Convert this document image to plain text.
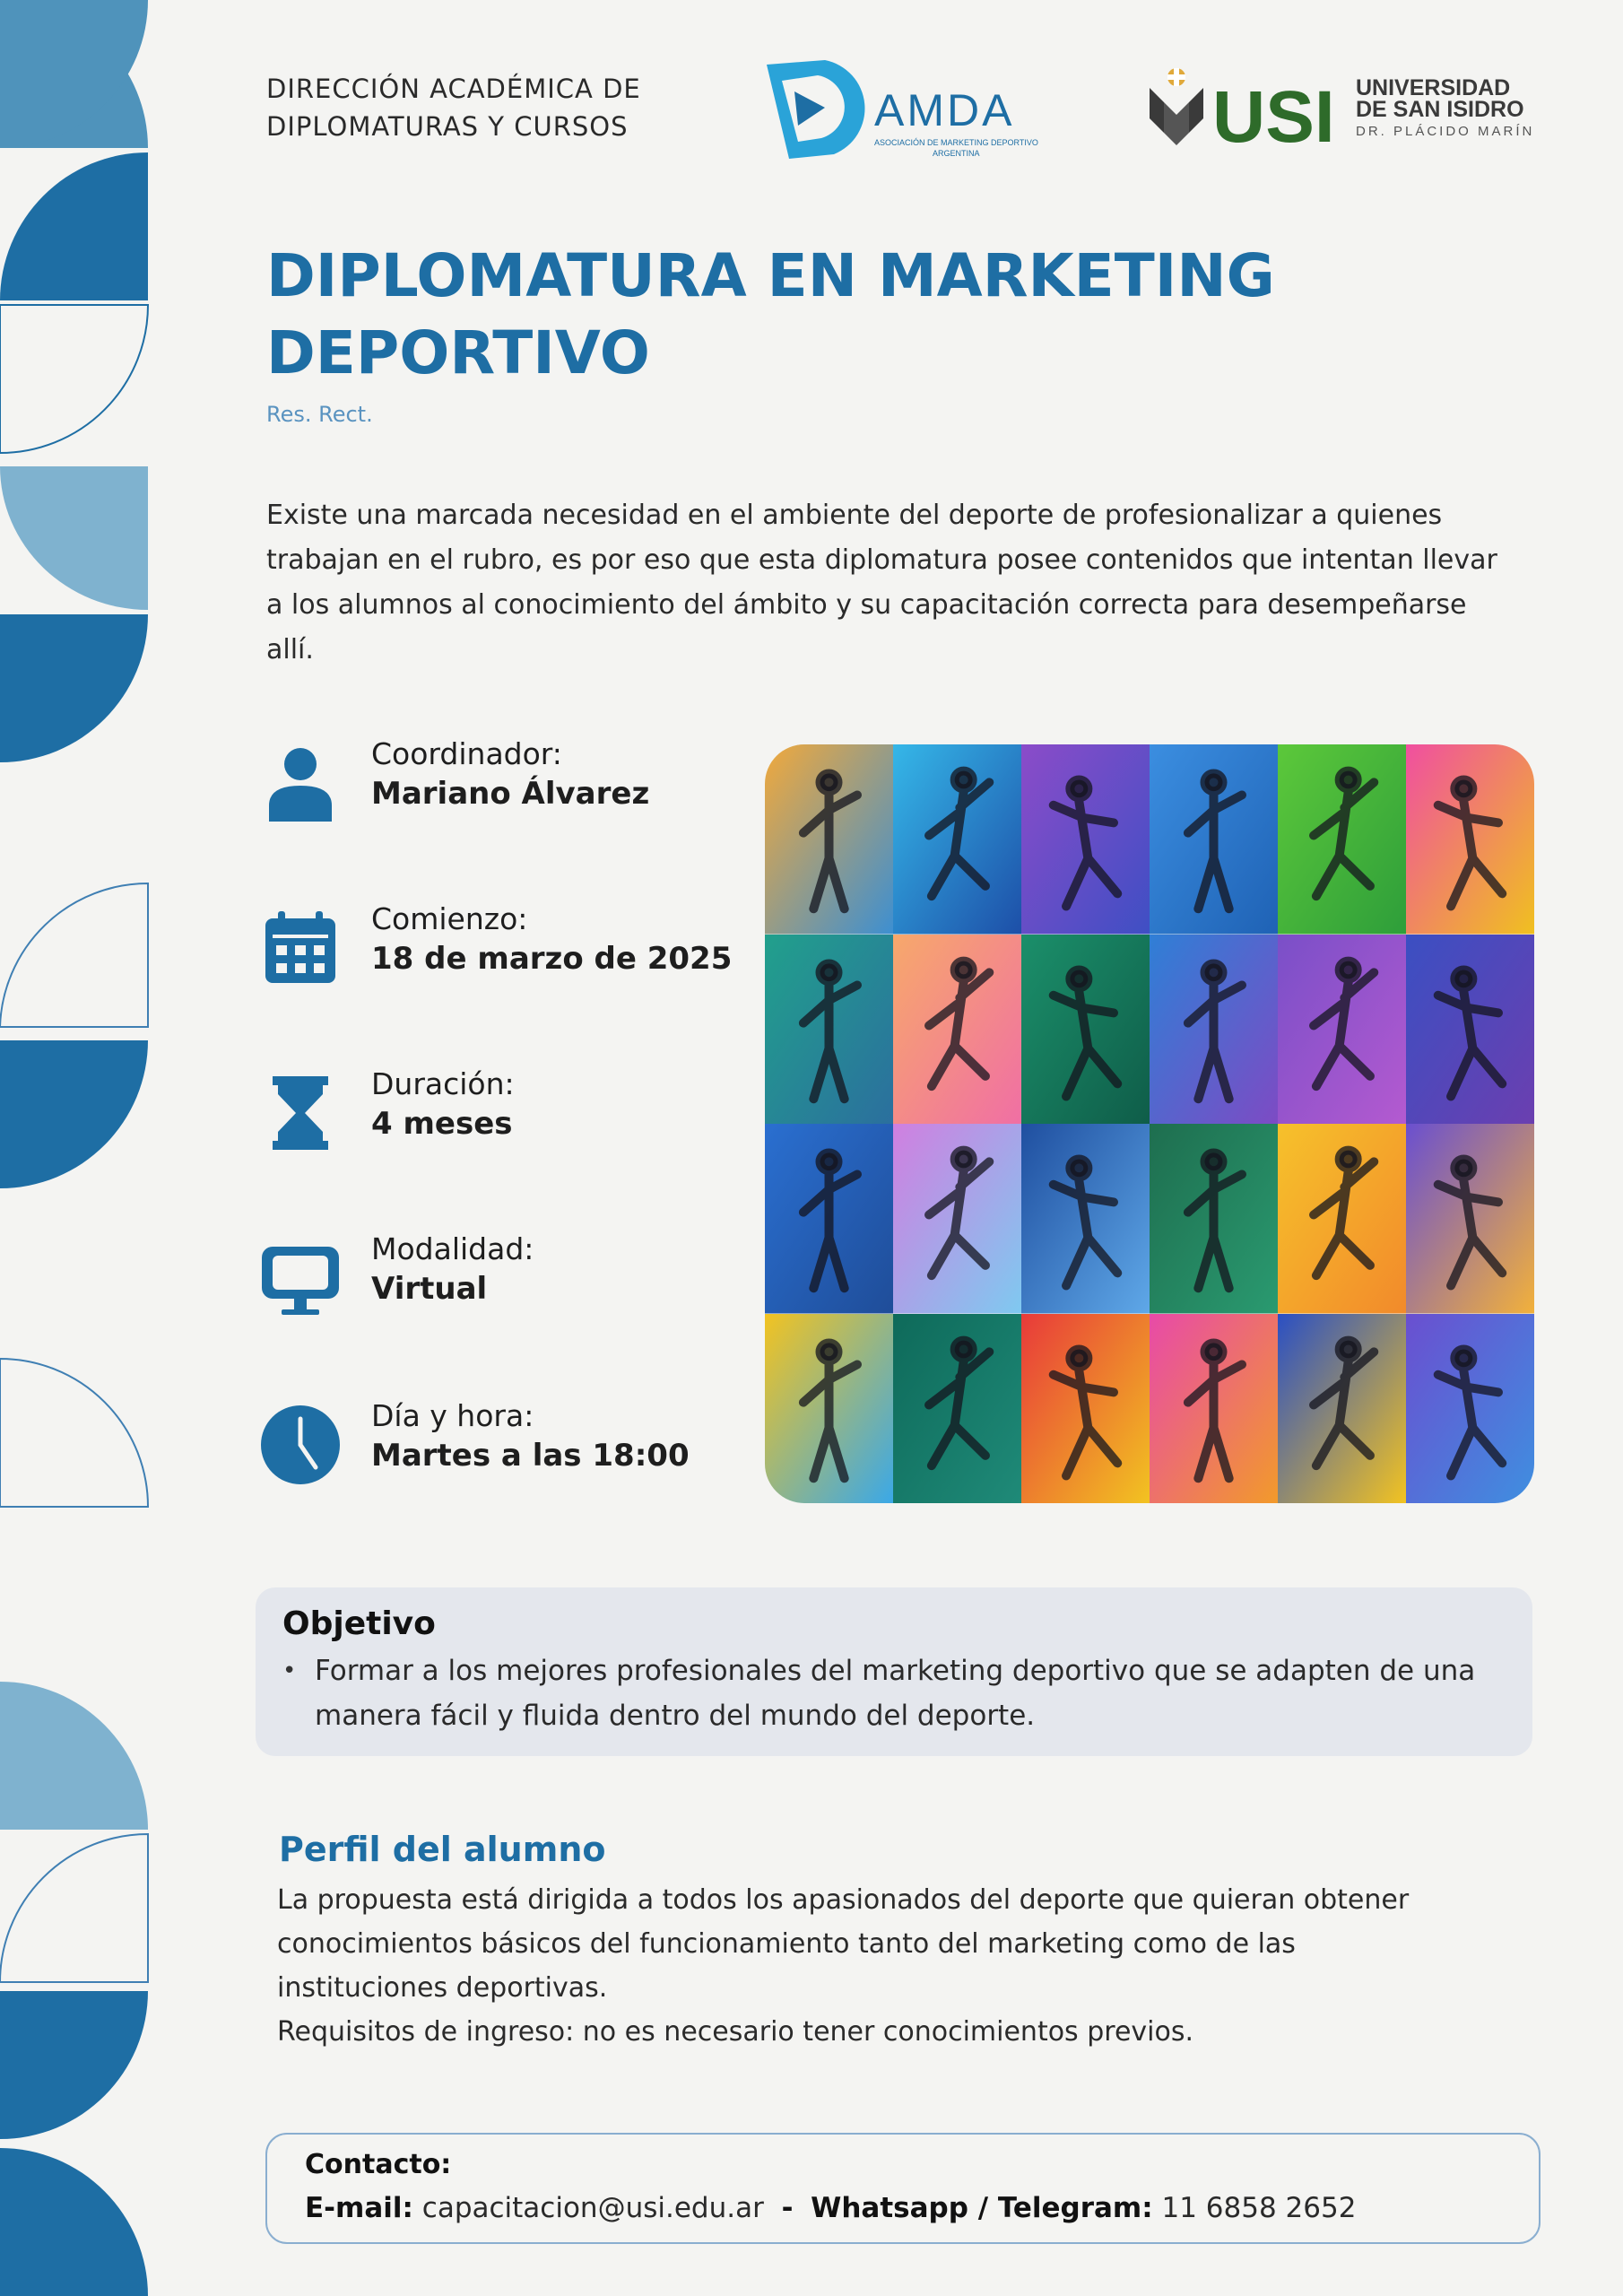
DIRECCIÓN ACADÉMICA DE
DIPLOMATURAS Y CURSOS	AMDA
ASOCIACIÓN DE MARKETING DEPORTIVO
ARGENTINA	USI UNIVERSIDAD
DE SAN ISIDRO
DR. PLÁCIDO MARÍN
DIPLOMATURA EN MARKETING
DEPORTIVO
Res. Rect.
Existe una marcada necesidad en el ambiente del deporte de profesionalizar a quienes trabajan en el rubro, es por eso que esta diplomatura posee contenidos que intentan llevar a los alumnos al conocimiento del ámbito y su capacitación correcta para desempeñarse allí.
Coordinador:
Mariano Álvarez
Comienzo:
18 de marzo de 2025
Duración:
4 meses
Modalidad:
Virtual
Día y hora:
Martes a las 18:00
Objetivo
• Formar a los mejores profesionales del marketing deportivo que se adapten de una manera fácil y fluida dentro del mundo del deporte.
Perfil del alumno
La propuesta está dirigida a todos los apasionados del deporte que quieran obtener
conocimientos básicos del funcionamiento tanto del marketing como de las
instituciones deportivas.
Requisitos de ingreso: no es necesario tener conocimientos previos.
Contacto:
E-mail: capacitacion@usi.edu.ar - Whatsapp / Telegram: 11 6858 2652
